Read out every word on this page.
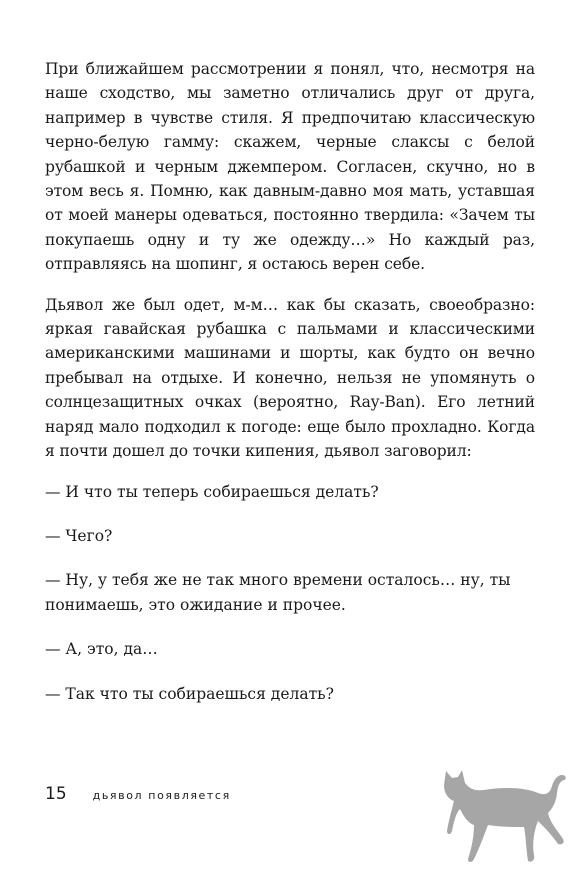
При ближайшем рассмотрении я понял, что, несмотря на наше сходство, мы заметно отличались друг от друга, например в чувстве стиля. Я предпочитаю классическую черно-белую гамму: скажем, черные слаксы с белой рубашкой и черным джемпером. Согласен, скучно, но в этом весь я. Помню, как давным-давно моя мать, уставшая от моей манеры одеваться, постоянно твердила: «Зачем ты покупаешь одну и ту же одежду…» Но каждый раз, отправляясь на шопинг, я остаюсь верен себе.

Дьявол же был одет, м-м… как бы сказать, своеобразно: яркая гавайская рубашка с пальмами и классическими американскими машинами и шорты, как будто он вечно пребывал на отдыхе. И конечно, нельзя не упомянуть о солнцезащитных очках (вероятно, Ray-Ban). Его летний наряд мало подходил к погоде: еще было прохладно. Когда я почти дошел до точки кипения, дьявол заговорил:

— И что ты теперь собираешься делать?

— Чего?

— Ну, у тебя же не так много времени осталось… ну, ты понимаешь, это ожидание и прочее.

— А, это, да…

— Так что ты собираешься делать?

15 дьявол появляется
